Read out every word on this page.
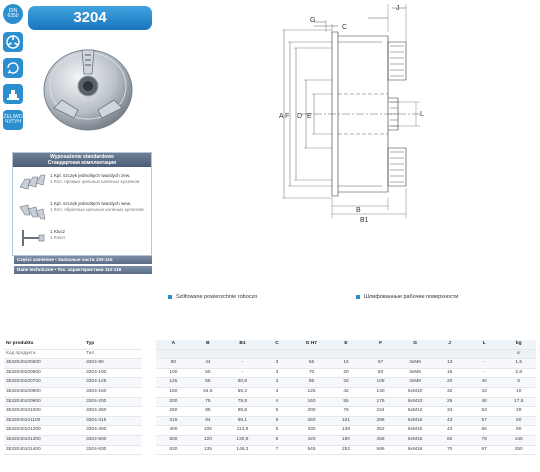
DIN 6350
ŻELIWO
ЧУГУН
3204
Wyposażenie standardowe
Стандартная комплектация
1 Kpl. szczęk jednolitych twardych zew.
1 Кпл. прямых цельных каленых кулачков
1 Kpl. szczęk jednolitych twardych wew.
1 Кпл. обратных цельных каленых кулачков
1 Klucz
1 Ключ
Części zamienne • Запасные части 100-115
Dane techniczne • Тех. характеристики 112-118
A F D E
G
C
J
L
B
B1
Szlifowane powierzchnie roboczo	Шлифованные рабочие поверхности
Nr produktu	Typ		A	B	B1	C	D H7	E	F	G	J	L	kg
Код продукта	Тип												кг
3532040100500	3204-80		80	44	-	3	56	16	67	3xM6	13	-	1,5
3532040100600	3204-100		100	50	-	3	70	20	83	3xM8	16	-	2,8
3532040100700	3204-125		125	56	60,8	4	95	32	108	3xM8	20	40	5
3532040100800	3204-160		160	64,5	69,3	4	125	42	140	6xM10	32	43	10
3532040100900	3204-200		200	75	79,8	4	160	55	176	6xM10	29	48	17,5
3532040101000	3204-250		250	85	88,8	5	200	76	224	6xM12	34	53	29
3532040101100	3204-315		315	94	99,1	5	260	101	286	6xM16	43	57	50
3532040101200	3204-400		400	105	113,8	5	330	136	362	6xM16	43	65	90
3532040101300	3204-500		500	120	130,8	5	420	190	458	6xM16	60	79	145
3532040101400	3204-630		630	135	146,3	7	545	252	586	6xM16	70	87	250
